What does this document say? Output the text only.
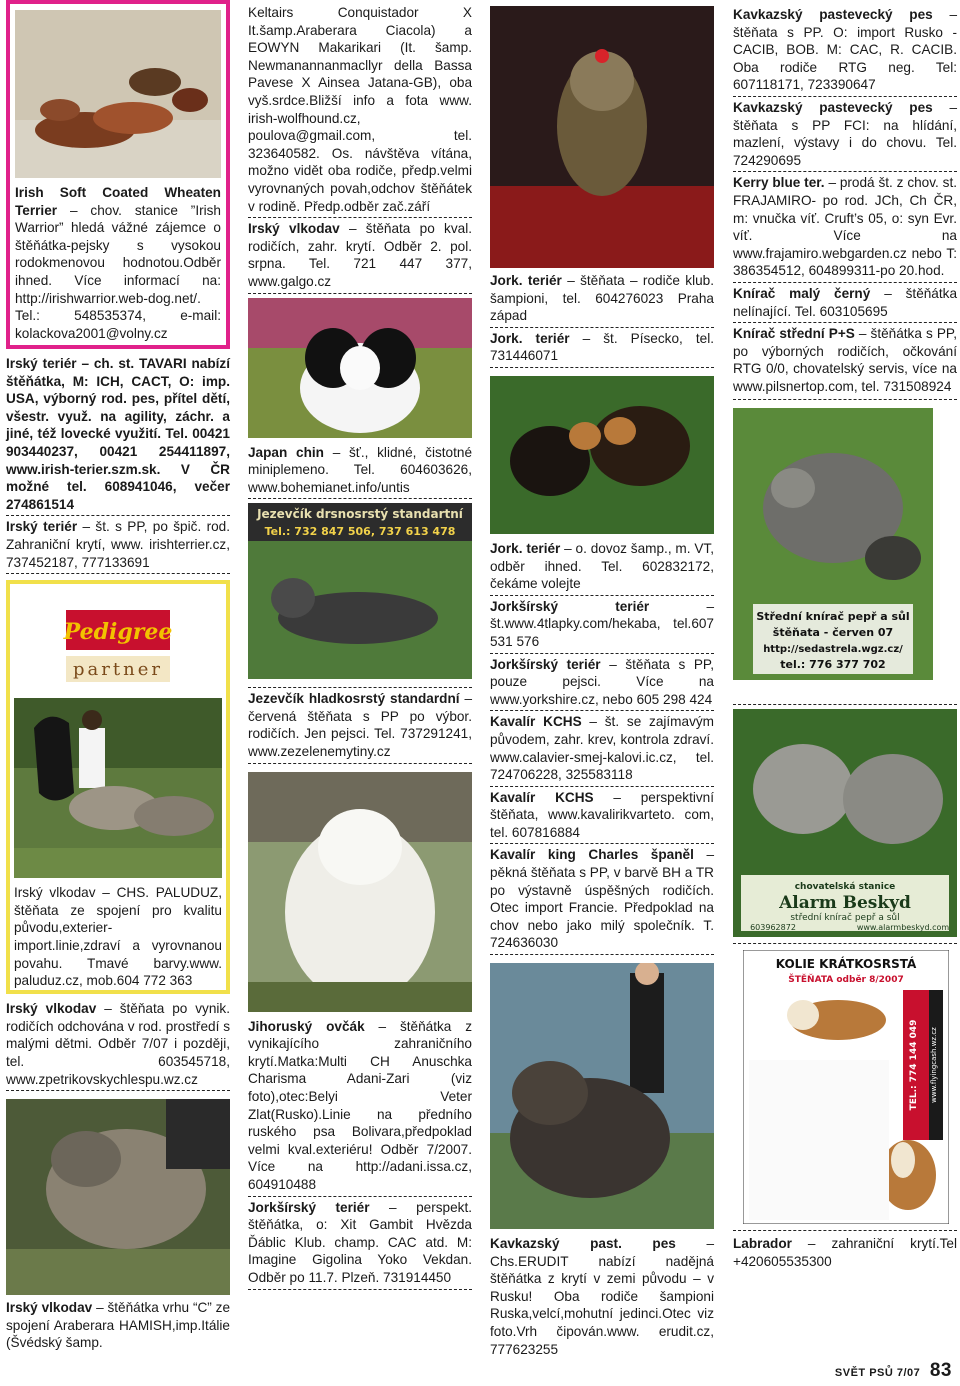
Irish Soft Coated Wheaten Terrier – chov. stanice ”Irish Warrior” hledá vážné zájemce o štěňátka-pejsky s vysokou rodokmenovou hodnotou.Odběr ihned. Více informací na: http://irishwarrior.web-dog.net/. Tel.: 548535374, e-mail: kolackova2001@volny.cz
Irský teriér – ch. st. TAVARI nabízí štěňátka, M: ICH, CACT, O: imp. USA, výborný rod. pes, přítel dětí, všestr. využ. na agility, záchr. a jiné, též lovecké využití. Tel. 00421 903440237, 00421 254411897, www.irish-terier.szm.sk. V ČR možné tel. 608941046, večer 274861514
Irský teriér – št. s PP, po špič. rod. Zahraniční krytí, www. irishterrier.cz, 737452187, 777133691
Pedigree
partner
Irský vlkodav – CHS. PALUDUZ, štěňata ze spojení pro kvalitu původu,exterier- import.linie,zdraví a vyrovnanou povahu. Tmavé barvy.www. paluduz.cz, mob.604 772 363
Irský vlkodav – štěňata po vynik. rodičích odchována v rod. prostředí s malými dětmi. Odběr 7/07 i později, tel. 603545718, www.zpetrikovskychlespu.wz.cz
Irský vlkodav – štěňátka vrhu “C” ze spojení Araberara HAMISH,imp.Itálie (Švédský šamp.
Keltairs Conquistador X It.šamp.Araberara Ciacola) a EOWYN Makarikari (It. šamp. Newmanannanmacllyr della Bassa Pavese X Ainsea Jatana-GB), oba vyš.srdce.Bližší info a fota www. irish-wolfhound.cz, poulova@gmail.com, tel. 323640582. Os. návštěva vítána, možno vidět oba rodiče, předp.velmi vyrovnaných povah,odchov štěňátek v rodině. Předp.odběr zač.září
Irský vlkodav – štěňata po kval. rodičích, zahr. krytí. Odběr 2. pol. srpna. Tel. 721 447 377, www.galgo.cz
Japan chin – šť., klidné, čistotné miniplemeno. Tel. 604603626, www.bohemianet.info/untis
Jezevčík drsnosrstý standartní
Tel.: 732 847 506, 737 613 478
Jezevčík hladkosrstý standardní – červená štěňata s PP po výbor. rodičích. Jen pejsci. Tel. 737291241, www.zezelenemytiny.cz
Jihoruský ovčák – štěňátka z vynikajícího zahraničního krytí.Matka:Multi CH Anuschka Charisma Adani-Zari (viz foto),otec:Belyi Veter Zlat(Rusko).Linie na předního ruského psa Bolivara,předpoklad velmi kval.exteriéru! Odběr 7/2007. Více na http://adani.issa.cz, 604910488
Jorkšírský teriér – perspekt. štěňátka, o: Xit Gambit Hvězda Ďáblic Klub. champ. CAC atd. M: Imagine Gigolina Yoko Vekdan. Odběr po 11.7. Plzeň. 731914450
Jork. teriér – štěňata – rodiče klub. šampioni, tel. 604276023 Praha západ
Jork. teriér – št. Písecko, tel. 731446071
Jork. teriér – o. dovoz šamp., m. VT, odběr ihned. Tel. 602832172, čekáme volejte
Jorkšírský teriér	– št.www.4tlapky.com/hekaba, tel.607 531 576
Jorkšírský teriér – štěňata s PP, pouze pejsci. Více na www.yorkshire.cz, nebo 605 298 424
Kavalír KCHS – št. se zajímavým původem, zahr. krev, kontrola zdraví. www.calavier-smej-kalovi.ic.cz, tel. 724706228, 325583118
Kavalír KCHS – perspektivní štěňata, www.kavalirikvarteto. com, tel. 607816884
Kavalír king Charles španěl – pěkná štěňata s PP, v barvě BH a TR po výstavně úspěšných rodičích. Otec import Francie. Předpoklad na chov nebo jako milý společník. T. 724636030
Kavkazský past. pes – Chs.ERUDIT nabízí nadějná štěňátka z krytí v zemi původu – v Rusku! Oba rodiče šampioni Ruska,velcí,mohutní jedinci.Otec viz foto.Vrh čipován.www. erudit.cz, 777623255
Kavkazský pastevecký pes – štěňata s PP. O: import Rusko - CACIB, BOB. M: CAC, R. CACIB. Oba rodiče RTG neg. Tel: 607118171, 723390647
Kavkazský pastevecký pes – štěňata s PP FCI: na hlídání, mazlení, výstavy i do chovu. Tel. 724290695
Kerry blue ter. – prodá št. z chov. st. FRAJAMIRO- po rod. JCh, Ch ČR, m: vnučka víť. Cruft’s 05, o: syn Evr. víť. Více na www.frajamiro.webgarden.cz nebo T: 386354512, 604899311-po 20.hod.
Knírač malý černý – štěňátka nelínající. Tel. 603105695
Knírač střední P+S – štěňátka s PP, po výborných rodičích, očkování RTG 0/0, chovatelský servis, více na www.pilsnertop.com, tel. 731508924
Střední knírač pepř a sůl
štěňata - červen 07
http://sedastrela.wgz.cz/
tel.: 776 377 702
chovatelská stanice
Alarm Beskyd
střední knírač pepř a sůl
603962872	www.alarmbeskyd.com
KOLIE KRÁTKOSRSTÁ
ŠTĚŇATA odběr 8/2007
TEL.: 774 144 049 www.flyingcash.wz.cz
Labrador – zahraniční krytí.Tel +420605535300
SVĚT PSŮ 7/07 83
